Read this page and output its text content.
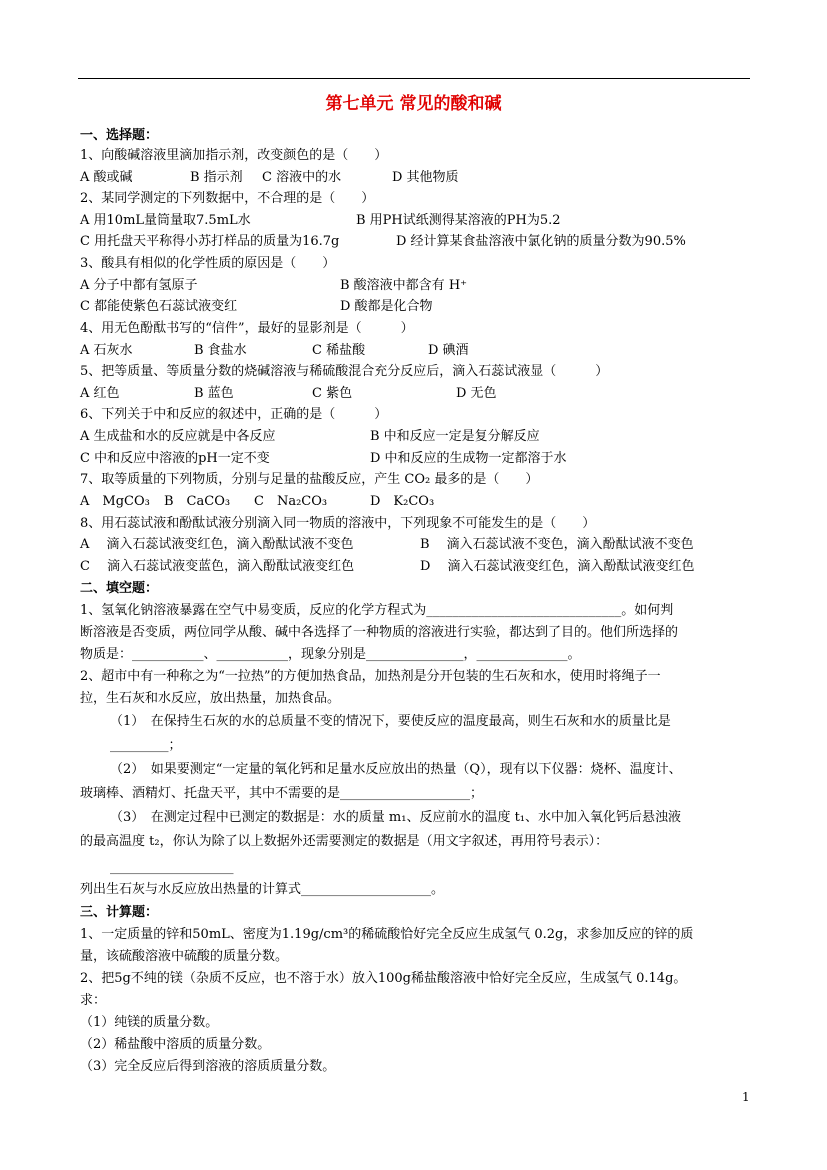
第七单元 常见的酸和碱
一、选择题：
1、向酸碱溶液里滴加指示剂，改变颜色的是（　　）
A 酸或碱	B 指示剂 C 溶液中的水	D 其他物质
2、某同学测定的下列数据中，不合理的是（　　）
A 用10mL量筒量取7.5mL水	B 用PH试纸测得某溶液的PH为5.2
C 用托盘天平称得小苏打样品的质量为16.7g	D 经计算某食盐溶液中氯化钠的质量分数为90.5%
3、酸具有相似的化学性质的原因是（　　）
A 分子中都有氢原子	B 酸溶液中都含有 H⁺
C 都能使紫色石蕊试液变红	D 酸都是化合物
4、用无色酚酞书写的“信件”，最好的显影剂是（　　　）
A 石灰水	B 食盐水	C 稀盐酸	D 碘酒
5、把等质量、等质量分数的烧碱溶液与稀硫酸混合充分反应后，滴入石蕊试液显（　　　）
A 红色	B 蓝色	C 紫色	D 无色
6、下列关于中和反应的叙述中，正确的是（　　　）
A 生成盐和水的反应就是中各反应	B 中和反应一定是复分解反应
C 中和反应中溶液的pH一定不变	D 中和反应的生成物一定都溶于水
7、取等质量的下列物质，分别与足量的盐酸反应，产生 CO₂ 最多的是（　　）
A　MgCO₃ B　CaCO₃ C　Na₂CO₃	D　K₂CO₃
8、用石蕊试液和酚酞试液分别滴入同一物质的溶液中，下列现象不可能发生的是（　　）
A　 滴入石蕊试液变红色，滴入酚酞试液不变色	B　 滴入石蕊试液不变色，滴入酚酞试液不变色
C　 滴入石蕊试液变蓝色，滴入酚酞试液变红色	D　 滴入石蕊试液变红色，滴入酚酞试液变红色
二、填空题：
1、氢氧化钠溶液暴露在空气中易变质，反应的化学方程式为______________________________。如何判
断溶液是否变质，两位同学从酸、碱中各选择了一种物质的溶液进行实验，都达到了目的。他们所选择的
物质是：___________、___________，现象分别是_______________，______________。
2、超市中有一种称之为“一拉热”的方便加热食品，加热剂是分开包装的生石灰和水，使用时将绳子一
拉，生石灰和水反应，放出热量，加热食品。
（1）　在保持生石灰的水的总质量不变的情况下，要使反应的温度最高，则生石灰和水的质量比是
_________；
（2）　如果要测定“一定量的氧化钙和足量水反应放出的热量（Q），现有以下仪器：烧杯、温度计、
玻璃棒、酒精灯、托盘天平，其中不需要的是____________________；
（3）　在测定过程中已测定的数据是：水的质量 m₁、反应前水的温度 t₁、水中加入氧化钙后悬浊液
的最高温度 t₂，你认为除了以上数据外还需要测定的数据是（用文字叙述，再用符号表示）：
___________________
列出生石灰与水反应放出热量的计算式____________________。
三、计算题：
1、一定质量的锌和50mL、密度为1.19g/cm³的稀硫酸恰好完全反应生成氢气 0.2g，求参加反应的锌的质
量，该硫酸溶液中硫酸的质量分数。
2、把5g不纯的镁（杂质不反应，也不溶于水）放入100g稀盐酸溶液中恰好完全反应，生成氢气 0.14g。
求：
（1）纯镁的质量分数。
（2）稀盐酸中溶质的质量分数。
（3）完全反应后得到溶液的溶质质量分数。
1
